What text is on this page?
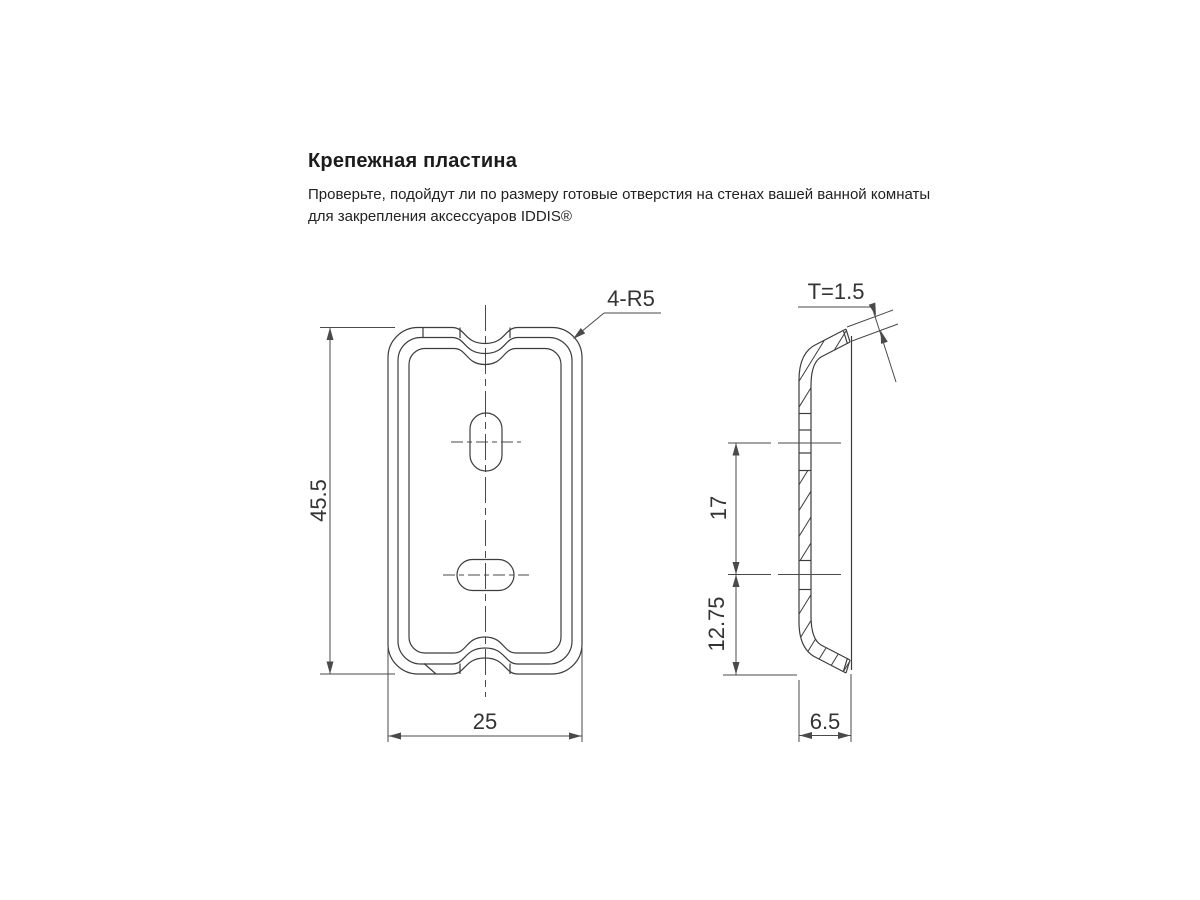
Крепежная пластина
Проверьте, подойдут ли по размеру готовые отверстия на стенах вашей ванной комнаты
для закрепления аксессуаров IDDIS®
45.5
25
4-R5
17
12.75
6.5
T=1.5
